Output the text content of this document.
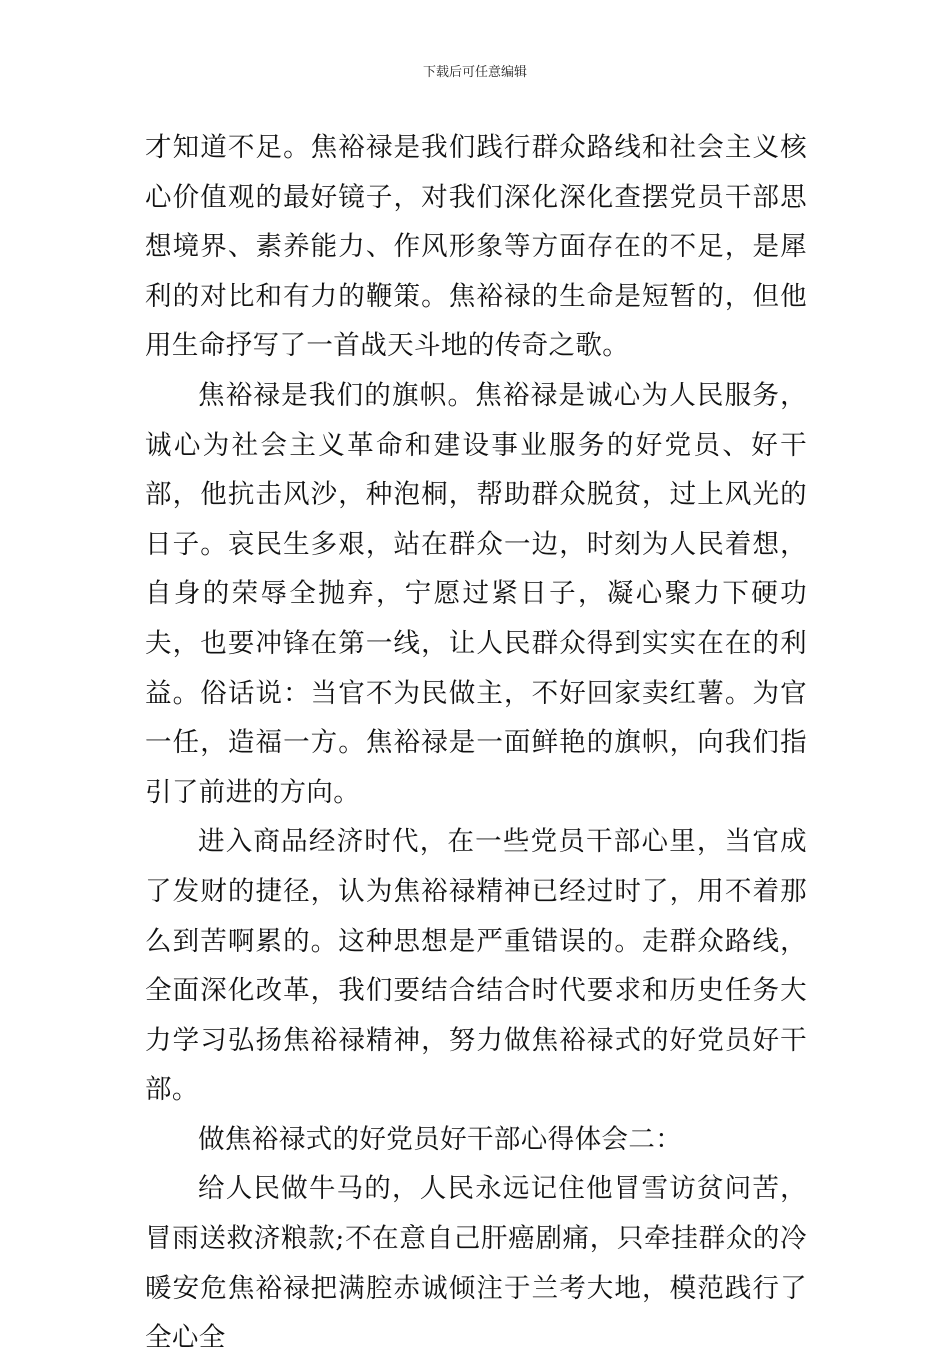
下载后可任意编辑

才知道不足。焦裕禄是我们践行群众路线和社会主义核心价值观的最好镜子，对我们深化深化查摆党员干部思想境界、素养能力、作风形象等方面存在的不足，是犀利的对比和有力的鞭策。焦裕禄的生命是短暂的，但他用生命抒写了一首战天斗地的传奇之歌。

焦裕禄是我们的旗帜。焦裕禄是诚心为人民服务，诚心为社会主义革命和建设事业服务的好党员、好干部，他抗击风沙，种泡桐，帮助群众脱贫，过上风光的日子。哀民生多艰，站在群众一边，时刻为人民着想，自身的荣辱全抛弃，宁愿过紧日子，凝心聚力下硬功夫，也要冲锋在第一线，让人民群众得到实实在在的利益。俗话说：当官不为民做主，不好回家卖红薯。为官一任，造福一方。焦裕禄是一面鲜艳的旗帜，向我们指引了前进的方向。

进入商品经济时代，在一些党员干部心里，当官成了发财的捷径，认为焦裕禄精神已经过时了，用不着那么到苦啊累的。这种思想是严重错误的。走群众路线，全面深化改革，我们要结合结合时代要求和历史任务大力学习弘扬焦裕禄精神，努力做焦裕禄式的好党员好干部。

做焦裕禄式的好党员好干部心得体会二：

给人民做牛马的，人民永远记住他冒雪访贫问苦，冒雨送救济粮款;不在意自己肝癌剧痛，只牵挂群众的冷暖安危焦裕禄把满腔赤诚倾注于兰考大地，模范践行了全心全
